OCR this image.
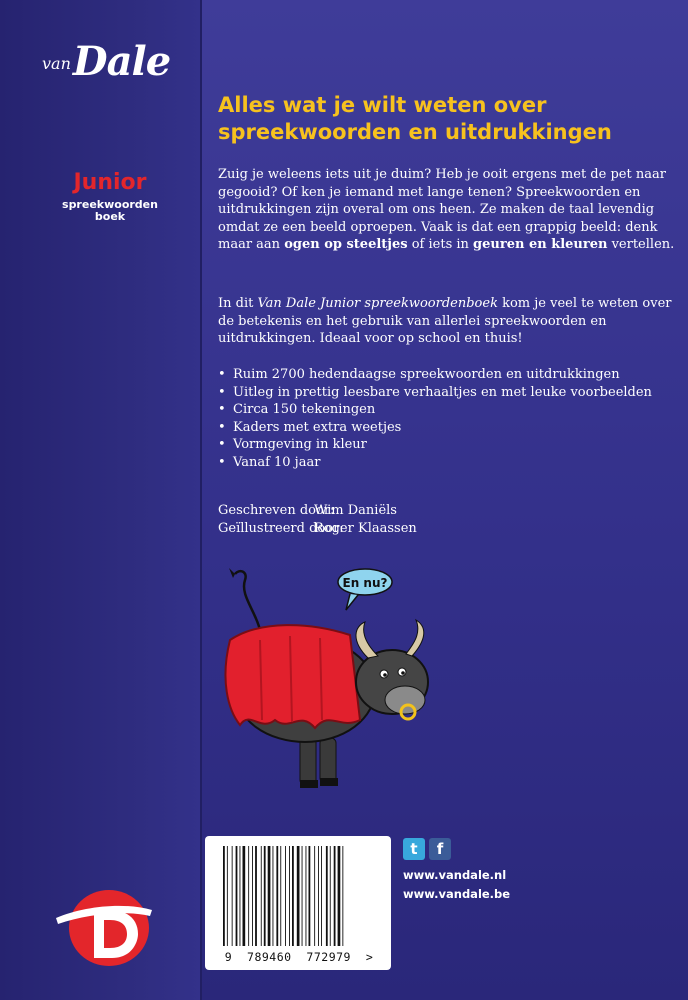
vanDale
Junior
spreekwoorden
boek
Alles wat je wilt weten over
spreekwoorden en uitdrukkingen
Zuig je weleens iets uit je duim? Heb je ooit ergens met de pet naar gegooid? Of ken je iemand met lange tenen? Spreekwoorden en uitdrukkingen zijn overal om ons heen. Ze maken de taal levendig omdat ze een beeld oproepen. Vaak is dat een grappig beeld: denk maar aan ogen op steeltjes of iets in geuren en kleuren vertellen.
In dit Van Dale Junior spreekwoordenboek kom je veel te weten over de betekenis en het gebruik van allerlei spreekwoorden en uitdrukkingen. Ideaal voor op school en thuis!
• Ruim 2700 hedendaagse spreekwoorden en uitdrukkingen
• Uitleg in prettig leesbare verhaaltjes en met leuke voorbeelden
• Circa 150 tekeningen
• Kaders met extra weetjes
• Vormgeving in kleur
• Vanaf 10 jaar
Geschreven door:Wim Daniëls
Geïllustreerd door:Roger Klaassen
En nu?
9 789460 772979 >
t	f
www.vandale.nl
www.vandale.be
